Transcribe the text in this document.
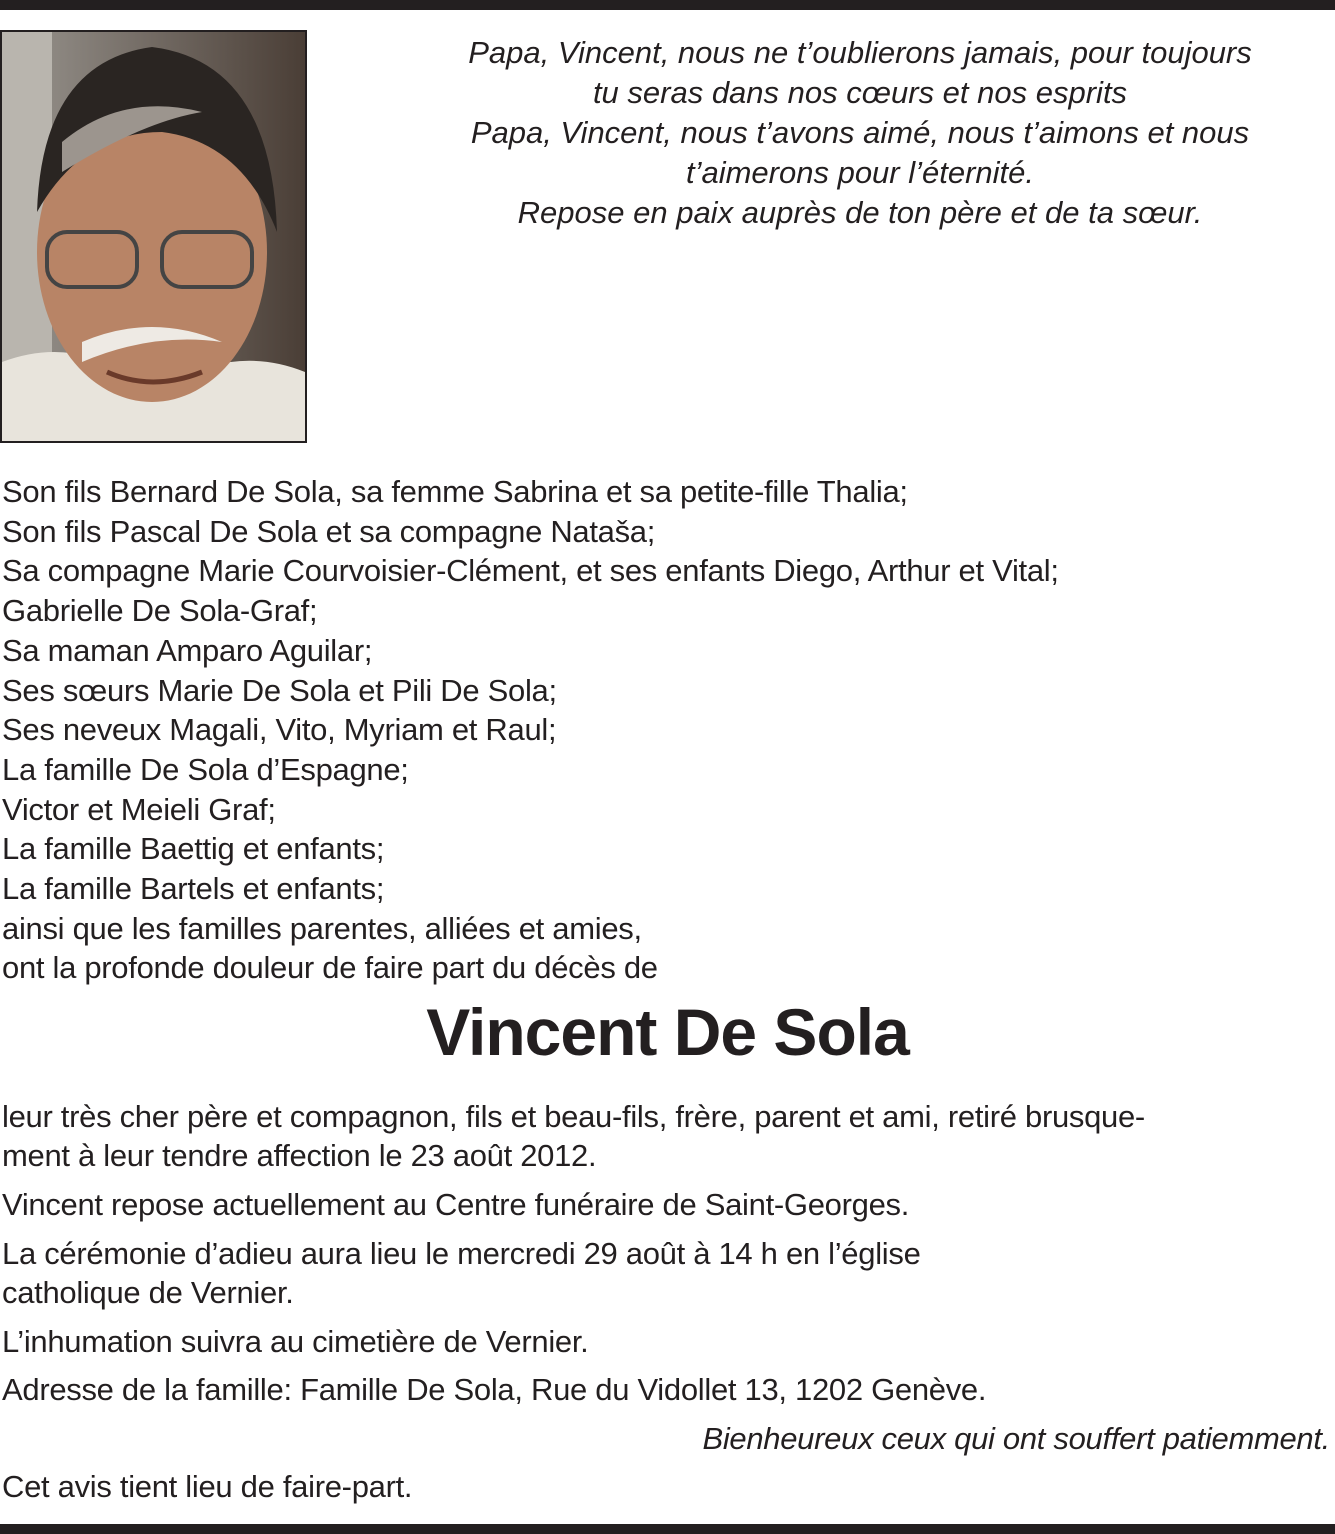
Papa, Vincent, nous ne t’oublierons jamais, pour toujours
tu seras dans nos cœurs et nos esprits
Papa, Vincent, nous t’avons aimé, nous t’aimons et nous
t’aimerons pour l’éternité.
Repose en paix auprès de ton père et de ta sœur.
Son fils Bernard De Sola, sa femme Sabrina et sa petite-fille Thalia;
Son fils Pascal De Sola et sa compagne Nataša;
Sa compagne Marie Courvoisier-Clément, et ses enfants Diego, Arthur et Vital;
Gabrielle De Sola-Graf;
Sa maman Amparo Aguilar;
Ses sœurs Marie De Sola et Pili De Sola;
Ses neveux Magali, Vito, Myriam et Raul;
La famille De Sola d’Espagne;
Victor et Meieli Graf;
La famille Baettig et enfants;
La famille Bartels et enfants;
ainsi que les familles parentes, alliées et amies,
ont la profonde douleur de faire part du décès de
Vincent De Sola
leur très cher père et compagnon, fils et beau-fils, frère, parent et ami, retiré brusque-
ment à leur tendre affection le 23 août 2012.
Vincent repose actuellement au Centre funéraire de Saint-Georges.
La cérémonie d’adieu aura lieu le mercredi 29 août à 14 h en l’église
catholique de Vernier.
L’inhumation suivra au cimetière de Vernier.
Adresse de la famille: Famille De Sola, Rue du Vidollet 13, 1202 Genève.
Bienheureux ceux qui ont souffert patiemment.
Cet avis tient lieu de faire-part.
